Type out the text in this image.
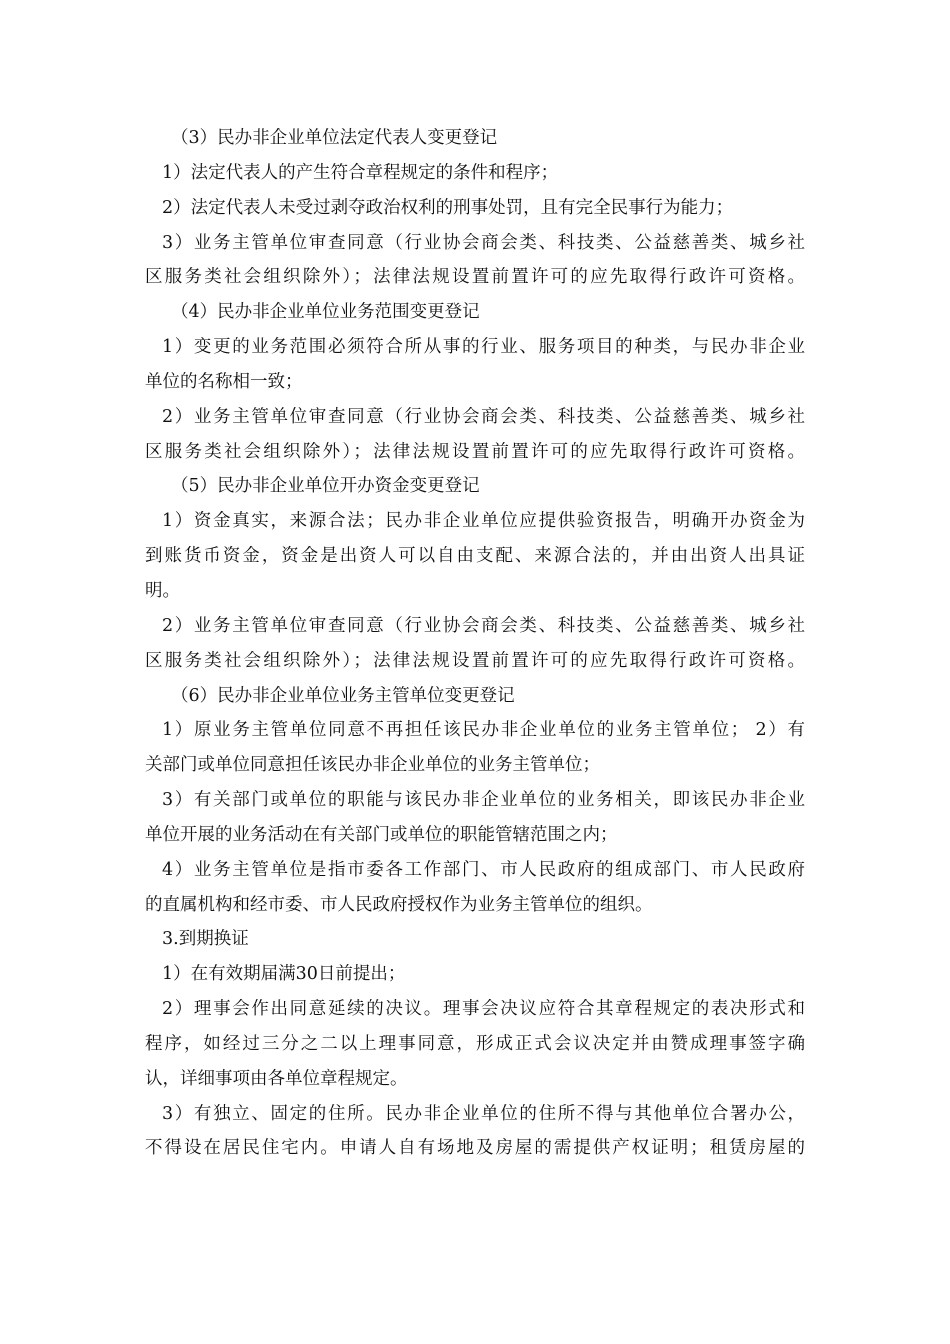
（3）民办非企业单位法定代表人变更登记
1）法定代表人的产生符合章程规定的条件和程序；
2）法定代表人未受过剥夺政治权利的刑事处罚，且有完全民事行为能力；
3）业务主管单位审查同意（行业协会商会类、科技类、公益慈善类、城乡社
区服务类社会组织除外）；法律法规设置前置许可的应先取得行政许可资格。
（4）民办非企业单位业务范围变更登记
1）变更的业务范围必须符合所从事的行业、服务项目的种类，与民办非企业
单位的名称相一致；
2）业务主管单位审查同意（行业协会商会类、科技类、公益慈善类、城乡社
区服务类社会组织除外）；法律法规设置前置许可的应先取得行政许可资格。
（5）民办非企业单位开办资金变更登记
1）资金真实，来源合法；民办非企业单位应提供验资报告，明确开办资金为
到账货币资金，资金是出资人可以自由支配、来源合法的，并由出资人出具证
明。
2）业务主管单位审查同意（行业协会商会类、科技类、公益慈善类、城乡社
区服务类社会组织除外）；法律法规设置前置许可的应先取得行政许可资格。
（6）民办非企业单位业务主管单位变更登记
1）原业务主管单位同意不再担任该民办非企业单位的业务主管单位； 2）有
关部门或单位同意担任该民办非企业单位的业务主管单位；
3）有关部门或单位的职能与该民办非企业单位的业务相关，即该民办非企业
单位开展的业务活动在有关部门或单位的职能管辖范围之内；
4）业务主管单位是指市委各工作部门、市人民政府的组成部门、市人民政府
的直属机构和经市委、市人民政府授权作为业务主管单位的组织。
3.到期换证
1）在有效期届满30日前提出；
2）理事会作出同意延续的决议。理事会决议应符合其章程规定的表决形式和
程序，如经过三分之二以上理事同意，形成正式会议决定并由赞成理事签字确
认，详细事项由各单位章程规定。
3）有独立、固定的住所。民办非企业单位的住所不得与其他单位合署办公，
不得设在居民住宅内。申请人自有场地及房屋的需提供产权证明；租赁房屋的
